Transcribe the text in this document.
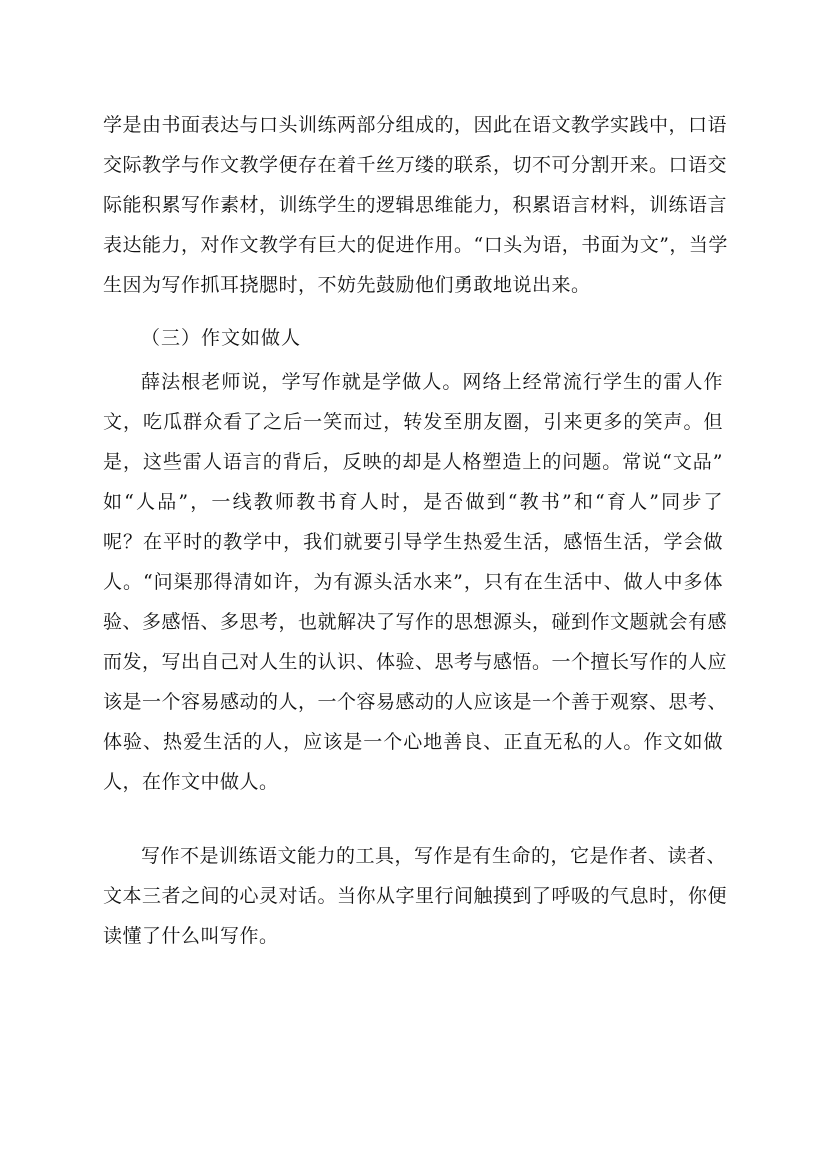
学是由书面表达与口头训练两部分组成的，因此在语文教学实践中，口语
交际教学与作文教学便存在着千丝万缕的联系，切不可分割开来。口语交
际能积累写作素材，训练学生的逻辑思维能力，积累语言材料，训练语言
表达能力，对作文教学有巨大的促进作用。“口头为语，书面为文”，当学
生因为写作抓耳挠腮时，不妨先鼓励他们勇敢地说出来。
（三）作文如做人
薛法根老师说，学写作就是学做人。网络上经常流行学生的雷人作
文，吃瓜群众看了之后一笑而过，转发至朋友圈，引来更多的笑声。但
是，这些雷人语言的背后，反映的却是人格塑造上的问题。常说“文品”
如“人品”，一线教师教书育人时，是否做到“教书”和“育人”同步了
呢？在平时的教学中，我们就要引导学生热爱生活，感悟生活，学会做
人。“问渠那得清如许，为有源头活水来”，只有在生活中、做人中多体
验、多感悟、多思考，也就解决了写作的思想源头，碰到作文题就会有感
而发，写出自己对人生的认识、体验、思考与感悟。一个擅长写作的人应
该是一个容易感动的人，一个容易感动的人应该是一个善于观察、思考、
体验、热爱生活的人，应该是一个心地善良、正直无私的人。作文如做
人，在作文中做人。
写作不是训练语文能力的工具，写作是有生命的，它是作者、读者、
文本三者之间的心灵对话。当你从字里行间触摸到了呼吸的气息时，你便
读懂了什么叫写作。
